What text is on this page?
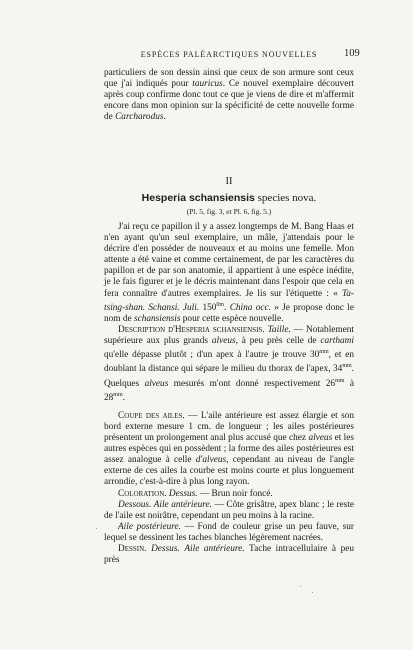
ESPÈCES PALÉARCTIQUES NOUVELLES	109

particuliers de son dessin ainsi que ceux de son armure sont ceux que j'ai indiqués pour tauricus. Ce nouvel exemplaire découvert après coup confirme donc tout ce que je viens de dire et m'affermit encore dans mon opinion sur la spécificité de cette nouvelle forme de Carcharodus.

II
Hesperia schansiensis species nova.
(Pl. 5, fig. 3, et Pl. 6, fig. 5.)

J'ai reçu ce papillon il y a assez longtemps de M. Bang Haas et n'en ayant qu'un seul exemplaire, un mâle, j'attendais pour le décrire d'en posséder de nouveaux et au moins une femelle. Mon attente a été vaine et comme certainement, de par les caractères du papillon et de par son anatomie, il appartient à une espèce inédite, je le fais figurer et je le décris maintenant dans l'espoir que cela en fera connaître d'autres exemplaires. Je lis sur l'étiquette : « Ta-tsing-shan. Schansi. Juli. $150^{0m}$. China occ. » Je propose donc le nom de schansiensis pour cette espèce nouvelle.

Description d'Hesperia schansiensis. Taille. — Notablement supérieure aux plus grands alveus, à peu près celle de carthami qu'elle dépasse plutôt ; d'un apex à l'autre je trouve $30^{mm}$, et en doublant la distance qui sépare le milieu du thorax de l'apex, $34^{mm}$. Quelques alveus mesurés m'ont donné respectivement $26^{mm}$ à $28^{mm}$.

Coupe des ailes. — L'aile antérieure est assez élargie et son bord externe mesure 1 cm. de longueur ; les ailes postérieures présentent un prolongement anal plus accusé que chez alveus et les autres espèces qui en possèdent ; la forme des ailes postérieures est assez analogue à celle d'alveus, cependant au niveau de l'angle externe de ces ailes la courbe est moins courte et plus longuement arrondie, c'est-à-dire à plus long rayon.

Coloration. Dessus. — Brun noir foncé.

Dessous. Aile antérieure. — Côte grisâtre, apex blanc ; le reste de l'aile est noirâtre, cependant un peu moins à la racine.

Aile postérieure. — Fond de couleur grise un peu fauve, sur lequel se dessinent les taches blanches légèrement nacrées.

Dessin. Dessus. Aile antérieure. Tache intracellulaire à peu près
